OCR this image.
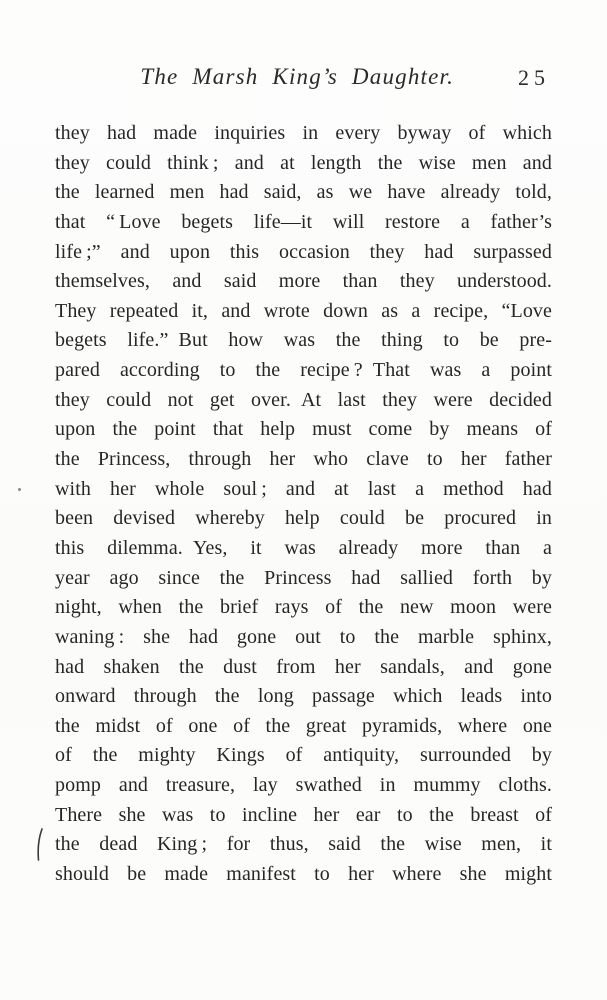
The Marsh King’s Daughter.	25
they had made inquiries in every byway of which
they could think ; and at length the wise men and
the learned men had said, as we have already told,
that “ Love begets life—it will restore a father’s
life ;” and upon this occasion they had surpassed
themselves, and said more than they understood.
They repeated it, and wrote down as a recipe, “Love
begets life.” But how was the thing to be pre-
pared according to the recipe ? That was a point
they could not get over. At last they were decided
upon the point that help must come by means of
the Princess, through her who clave to her father
with her whole soul ; and at last a method had
been devised whereby help could be procured in
this dilemma. Yes, it was already more than a
year ago since the Princess had sallied forth by
night, when the brief rays of the new moon were
waning : she had gone out to the marble sphinx,
had shaken the dust from her sandals, and gone
onward through the long passage which leads into
the midst of one of the great pyramids, where one
of the mighty Kings of antiquity, surrounded by
pomp and treasure, lay swathed in mummy cloths.
There she was to incline her ear to the breast of
the dead King ; for thus, said the wise men, it
should be made manifest to her where she might
